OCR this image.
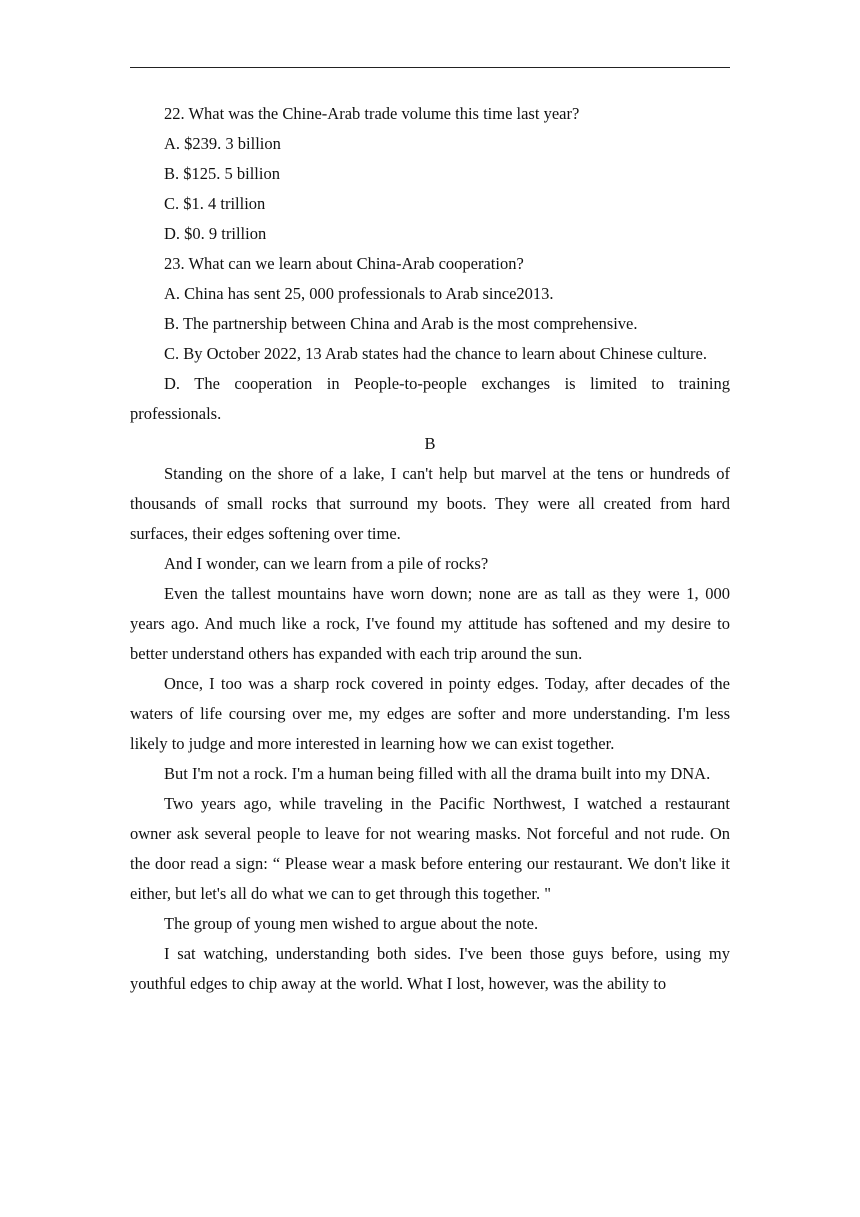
22. What was the Chine-Arab trade volume this time last year?

A. $239. 3 billion

B. $125. 5 billion

C. $1. 4 trillion

D. $0. 9 trillion

23. What can we learn about China-Arab cooperation?

A. China has sent 25, 000 professionals to Arab since2013.

B. The partnership between China and Arab is the most comprehensive.

C. By October 2022, 13 Arab states had the chance to learn about Chinese culture.

D. The cooperation in People-to-people exchanges is limited to training professionals.

B

Standing on the shore of a lake, I can't help but marvel at the tens or hundreds of thousands of small rocks that surround my boots. They were all created from hard surfaces, their edges softening over time.

And I wonder, can we learn from a pile of rocks?

Even the tallest mountains have worn down; none are as tall as they were 1, 000 years ago. And much like a rock, I've found my attitude has softened and my desire to better understand others has expanded with each trip around the sun.

Once, I too was a sharp rock covered in pointy edges. Today, after decades of the waters of life coursing over me, my edges are softer and more understanding. I'm less likely to judge and more interested in learning how we can exist together.

But I'm not a rock. I'm a human being filled with all the drama built into my DNA.

Two years ago, while traveling in the Pacific Northwest, I watched a restaurant owner ask several people to leave for not wearing masks. Not forceful and not rude. On the door read a sign: “ Please wear a mask before entering our restaurant. We don't like it either, but let's all do what we can to get through this together. "

The group of young men wished to argue about the note.

I sat watching, understanding both sides. I've been those guys before, using my youthful edges to chip away at the world. What I lost, however, was the ability to
